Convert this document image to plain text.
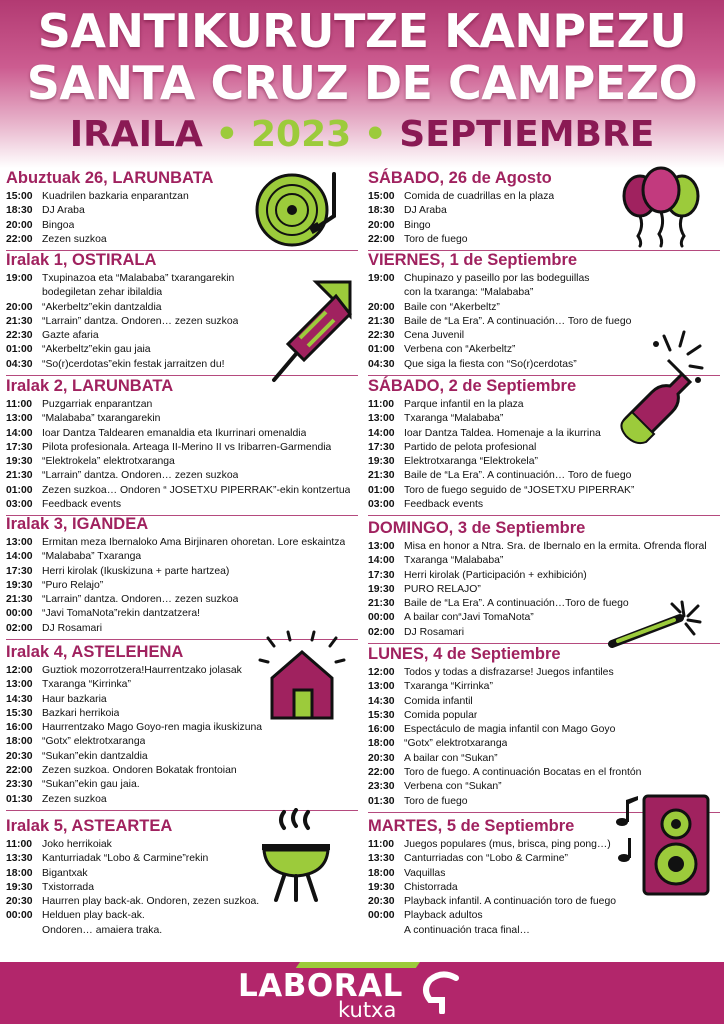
SANTIKURUTZE KANPEZU
SANTA CRUZ DE CAMPEZO
IRAILA • 2023 • SEPTIEMBRE
Abuztuak 26, LARUNBATA
15:00 Kuadrilen bazkaria enparantzan
18:30 DJ Araba
20:00 Bingoa
22:00 Zezen suzkoa
Iralak 1, OSTIRALA
19:00 Txupinazoa eta “Malababa” txarangarekin
bodegiletan zehar ibilaldia
20:00 “Akerbeltz”ekin dantzaldia
21:30 “Larrain” dantza. Ondoren… zezen suzkoa
22:30 Gazte afaria
01:00 “Akerbeltz”ekin gau jaia
04:30 “So(r)cerdotas”ekin festak jarraitzen du!
Iralak 2, LARUNBATA
11:00 Puzgarriak enparantzan
13:00 “Malababa” txarangarekin
14:00 Ioar Dantza Taldearen emanaldia eta Ikurrinari omenaldia
17:30 Pilota profesionala. Arteaga II-Merino II vs Iribarren-Garmendia
19:30 “Elektrokela” elektrotxaranga
21:30 “Larrain” dantza. Ondoren… zezen suzkoa
01:00 Zezen suzkoa… Ondoren “ JOSETXU PIPERRAK”-ekin kontzertua
03:00 Feedback events
Iralak 3, IGANDEA
13:00 Ermitan meza Ibernaloko Ama Birjinaren ohoretan. Lore eskaintza
14:00 “Malababa” Txaranga
17:30 Herri kirolak (Ikuskizuna + parte hartzea)
19:30 “Puro Relajo”
21:30 “Larrain” dantza. Ondoren… zezen suzkoa
00:00 “Javi TomaNota”rekin dantzatzera!
02:00 DJ Rosamari
Iralak 4, ASTELEHENA
12:00 Guztiok mozorrotzera!Haurrentzako jolasak
13:00 Txaranga “Kirrinka”
14:30 Haur bazkaria
15:30 Bazkari herrikoia
16:00 Haurrentzako Mago Goyo-ren magia ikuskizuna
18:00 “Gotx” elektrotxaranga
20:30 “Sukan”ekin dantzaldia
22:00 Zezen suzkoa. Ondoren Bokatak frontoian
23:30 “Sukan”ekin gau jaia.
01:30 Zezen suzkoa
Iralak 5, ASTEARTEA
11:00 Joko herrikoiak
13:30 Kanturriadak “Lobo & Carmine”rekin
18:00 Bigantxak
19:30 Txistorrada
20:30 Haurren play back-ak. Ondoren, zezen suzkoa.
00:00 Helduen play back-ak.
Ondoren… amaiera traka.
SÁBADO, 26 de Agosto
15:00 Comida de cuadrillas en la plaza
18:30 DJ Araba
20:00 Bingo
22:00 Toro de fuego
VIERNES, 1 de Septiembre
19:00 Chupinazo y paseillo por las bodeguillas
con la txaranga: “Malababa”
20:00 Baile con “Akerbeltz”
21:30 Baile de “La Era”. A continuación… Toro de fuego
22:30 Cena Juvenil
01:00 Verbena con “Akerbeltz”
04:30 Que siga la fiesta con “So(r)cerdotas”
SÁBADO, 2 de Septiembre
11:00 Parque infantil en la plaza
13:00 Txaranga “Malababa”
14:00 Ioar Dantza Taldea. Homenaje a la ikurrina
17:30 Partido de pelota profesional
19:30 Elektrotxaranga “Elektrokela”
21:30 Baile de “La Era”. A continuación… Toro de fuego
01:00 Toro de fuego seguido de “JOSETXU PIPERRAK”
03:00 Feedback events
DOMINGO, 3 de Septiembre
13:00 Misa en honor a Ntra. Sra. de Ibernalo en la ermita. Ofrenda floral
14:00 Txaranga “Malababa”
17:30 Herri kirolak (Participación + exhibición)
19:30 PURO RELAJO”
21:30 Baile de “La Era”. A continuación…Toro de fuego
00:00 A bailar con“Javi TomaNota”
02:00 DJ Rosamari
LUNES, 4 de Septiembre
12:00 Todos y todas a disfrazarse! Juegos infantiles
13:00 Txaranga “Kirrinka”
14:30 Comida infantil
15:30 Comida popular
16:00 Espectáculo de magia infantil con Mago Goyo
18:00 “Gotx” elektrotxaranga
20:30 A bailar con “Sukan”
22:00 Toro de fuego. A continuación Bocatas en el frontón
23:30 Verbena con “Sukan”
01:30 Toro de fuego
MARTES, 5 de Septiembre
11:00 Juegos populares (mus, brisca, ping pong…)
13:30 Canturriadas con “Lobo & Carmine”
18:00 Vaquillas
19:30 Chistorrada
20:30 Playback infantil. A continuación toro de fuego
00:00 Playback adultos
A continuación traca final…
LABORAL
kutxa
